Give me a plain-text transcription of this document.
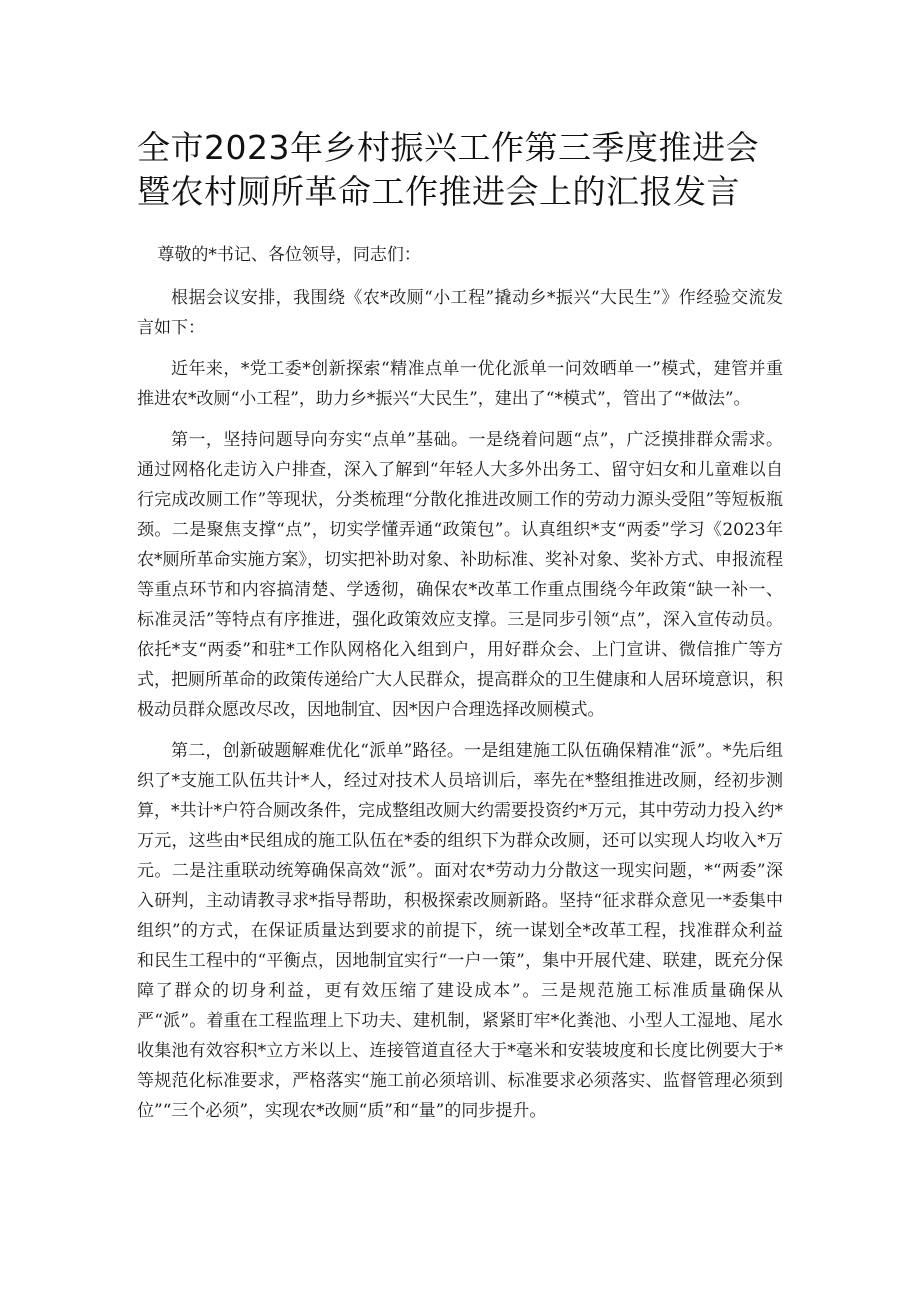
全市2023年乡村振兴工作第三季度推进会暨农村厕所革命工作推进会上的汇报发言

尊敬的*书记、各位领导，同志们：

根据会议安排，我围绕《农*改厕“小工程”撬动乡*振兴“大民生”》作经验交流发言如下：

近年来，*党工委*创新探索“精准点单一优化派单一问效晒单一”模式，建管并重推进农*改厕“小工程”，助力乡*振兴“大民生”，建出了“*模式”，管出了“*做法”。

第一，坚持问题导向夯实“点单”基础。一是绕着问题“点”，广泛摸排群众需求。通过网格化走访入户排查，深入了解到“年轻人大多外出务工、留守妇女和儿童难以自行完成改厕工作”等现状，分类梳理“分散化推进改厕工作的劳动力源头受阻”等短板瓶颈。二是聚焦支撑“点”，切实学懂弄通“政策包”。认真组织*支“两委”学习《2023年农*厕所革命实施方案》，切实把补助对象、补助标准、奖补对象、奖补方式、申报流程等重点环节和内容搞清楚、学透彻，确保农*改革工作重点围绕今年政策“缺一补一、标准灵活”等特点有序推进，强化政策效应支撑。三是同步引领“点”，深入宣传动员。依托*支“两委”和驻*工作队网格化入组到户，用好群众会、上门宣讲、微信推广等方式，把厕所革命的政策传递给广大人民群众，提高群众的卫生健康和人居环境意识，积极动员群众愿改尽改，因地制宜、因*因户合理选择改厕模式。

第二，创新破题解难优化“派单”路径。一是组建施工队伍确保精准“派”。*先后组织了*支施工队伍共计*人，经过对技术人员培训后，率先在*整组推进改厕，经初步测算，*共计*户符合厕改条件，完成整组改厕大约需要投资约*万元，其中劳动力投入约*万元，这些由*民组成的施工队伍在*委的组织下为群众改厕，还可以实现人均收入*万元。二是注重联动统筹确保高效“派”。面对农*劳动力分散这一现实问题，*“两委”深入研判，主动请教寻求*指导帮助，积极探索改厕新路。坚持“征求群众意见一*委集中组织”的方式，在保证质量达到要求的前提下，统一谋划全*改革工程，找准群众利益和民生工程中的“平衡点，因地制宜实行“一户一策”，集中开展代建、联建，既充分保障了群众的切身利益，更有效压缩了建设成本”。三是规范施工标准质量确保从严“派”。着重在工程监理上下功夫、建机制，紧紧盯牢*化粪池、小型人工湿地、尾水收集池有效容积*立方米以上、连接管道直径大于*毫米和安装坡度和长度比例要大于*等规范化标准要求，严格落实“施工前必须培训、标准要求必须落实、监督管理必须到位”“三个必须”，实现农*改厕“质”和“量”的同步提升。
